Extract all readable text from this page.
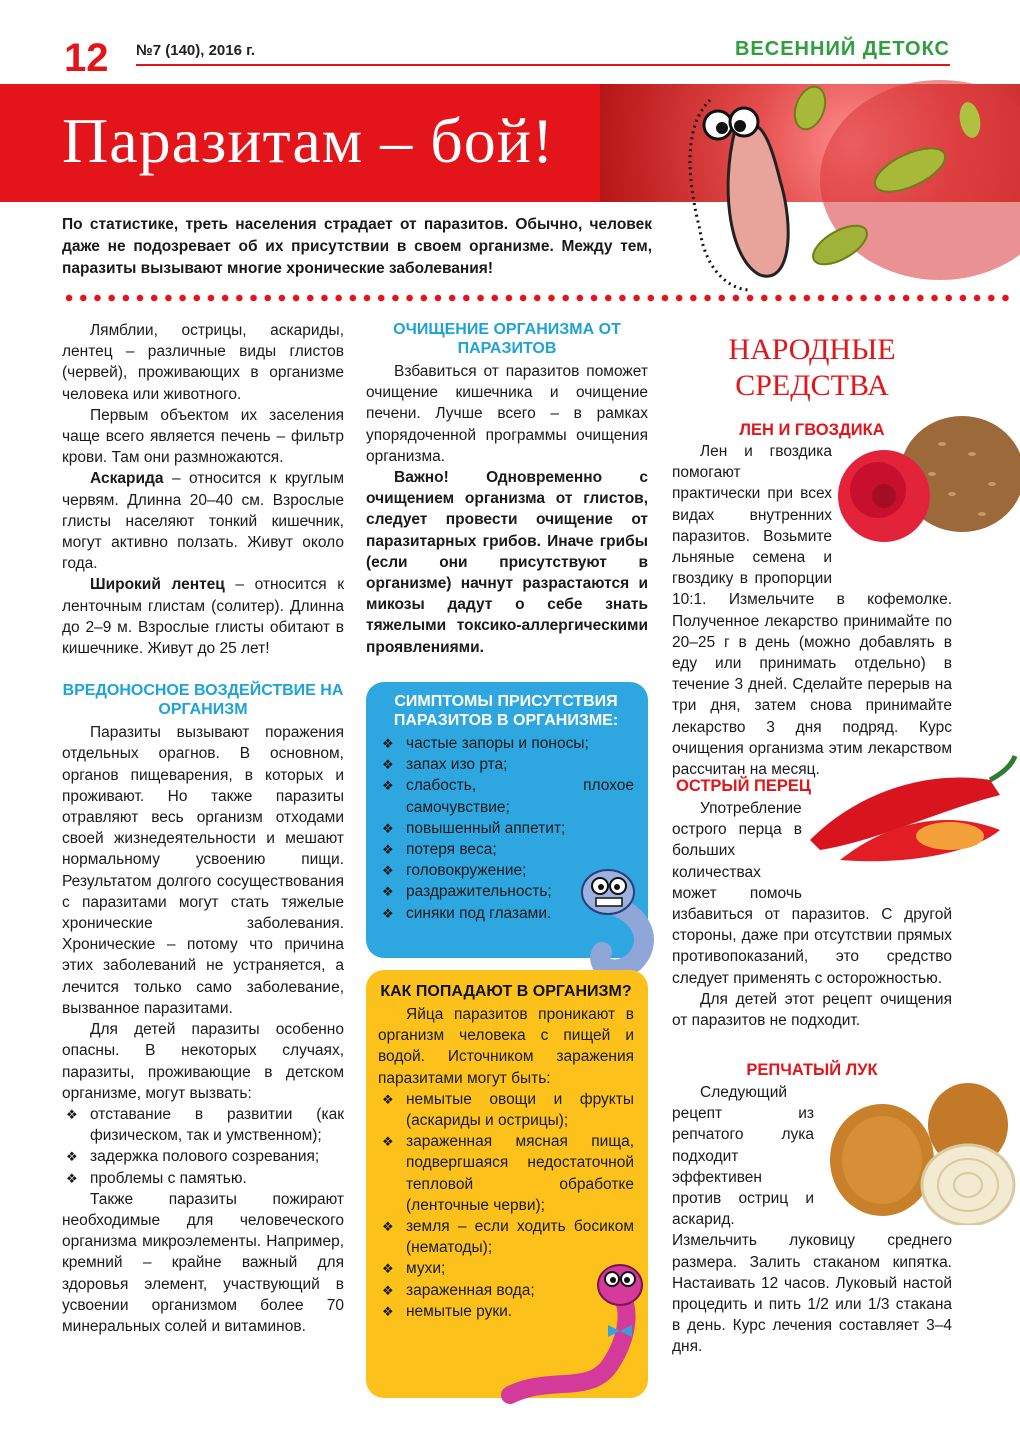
12 №7 (140), 2016 г.	ВЕСЕННИЙ ДЕТОКС
Паразитам – бой!
По статистике, треть населения страдает от паразитов. Обычно, человек даже не подозревает об их присутствии в своем организме. Между тем, паразиты вызывают многие хронические заболевания!

Лямблии, острицы, аскариды, лентец – различные виды глистов (червей), проживающих в организме человека или животного.

Первым объектом их заселения чаще всего является печень – фильтр крови. Там они размножаются.

Аскарида – относится к круглым червям. Длинна 20–40 см. Взрослые глисты населяют тонкий кишечник, могут активно ползать. Живут около года.

Широкий лентец – относится к ленточным глистам (солитер). Длинна до 2–9 м. Взрослые глисты обитают в кишечнике. Живут до 25 лет!

ВРЕДОНОСНОЕ ВОЗДЕЙСТВИЕ НА ОРГАНИЗМ

Паразиты вызывают поражения отдельных орагнов. В основном, органов пищеварения, в которых и проживают. Но также паразиты отравляют весь организм отходами своей жизнедеятельности и мешают нормальному усвоению пищи. Результатом долгого сосуществования с паразитами могут стать тяжелые хронические заболевания. Хронические – потому что причина этих заболеваний не устраняется, а лечится только само заболевание, вызванное паразитами.

Для детей паразиты особенно опасны. В некоторых случаях, паразиты, проживающие в детском организме, могут вызвать:

❖ отставание в развитии (как физическом, так и умственном);
❖ задержка полового созревания;
❖ проблемы с памятью.

Также паразиты пожирают необходимые для человеческого организма микроэлементы. Например, кремний – крайне важный для здоровья элемент, участвующий в усвоении организмом более 70 минеральных солей и витаминов.

ОЧИЩЕНИЕ ОРГАНИЗМА ОТ ПАРАЗИТОВ

Взбавиться от паразитов поможет очищение кишечника и очищение печени. Лучше всего – в рамках упорядоченной программы очищения организма.

Важно! Одновременно с очищением организма от глистов, следует провести очищение от паразитарных грибов. Иначе грибы (если они присутствуют в организме) начнут разрастаются и микозы дадут о себе знать тяжелыми токсико-аллергическими проявлениями.

СИМПТОМЫ ПРИСУТСТВИЯ ПАРАЗИТОВ В ОРГАНИЗМЕ:
❖ частые запоры и поносы;
❖ запах изо рта;
❖ слабость, плохое самочувствие;
❖ повышенный аппетит;
❖ потеря веса;
❖ головокружение;
❖ раздражительность;
❖ синяки под глазами.
КАК ПОПАДАЮТ В ОРГАНИЗМ?

Яйца паразитов проникают в организм человека с пищей и водой. Источником заражения паразитами могут быть:

❖ немытые овощи и фрукты (аскариды и острицы);
❖ зараженная мясная пища, подвергшаяся недостаточной тепловой обработке (ленточные черви);
❖ земля – если ходить босиком (нематоды);
❖ мухи;
❖ зараженная вода;
❖ немытые руки.
НАРОДНЫЕ СРЕДСТВА
ЛЕН И ГВОЗДИКА

Лен и гвоздика помогают практически при всех видах внутренних паразитов. Возьмите льняные семена и гвоздику в пропорции 10:1. Измельчите в кофемолке. Полученное лекарство принимайте по 20–25 г в день (можно добавлять в еду или принимать отдельно) в течение 3 дней. Сделайте перерыв на три дня, затем снова принимайте лекарство 3 дня подряд. Курс очищения организма этим лекарством рассчитан на месяц.

ОСТРЫЙ ПЕРЕЦ

Употребление острого перца в больших количествах может помочь избавиться от паразитов. С другой стороны, даже при отсутствии прямых противопоказаний, это средство следует применять с осторожностью.

Для детей этот рецепт очищения от паразитов не подходит.

РЕПЧАТЫЙ ЛУК

Следующий рецепт из репчатого лука подходит эффективен против остриц и аскарид. Измельчить луковицу среднего размера. Залить стаканом кипятка. Настаивать 12 часов. Луковый настой процедить и пить 1/2 или 1/3 стакана в день. Курс лечения составляет 3–4 дня.
